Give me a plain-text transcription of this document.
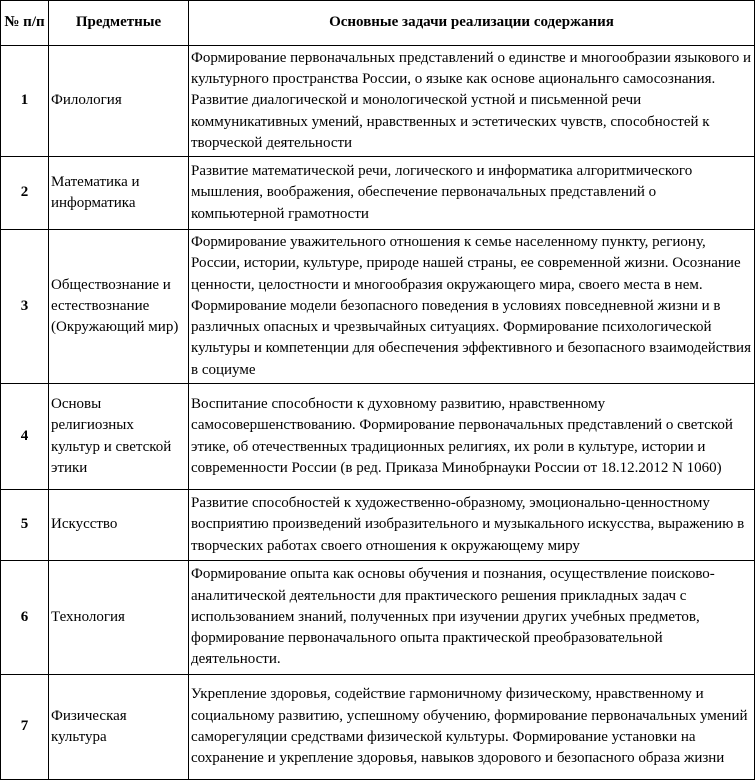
№ п/п	Предметные	Основные задачи реализации содержания
1	Филология	Формирование первоначальных представлений о единстве и многообразии языкового и культурного пространства России, о языке как основе ациональнго самосознания. Развитие диалогической и монологической устной и письменной речи коммуникативных умений, нравственных и эстетических чувств, способностей к творческой деятельности
2	Математика и информатика	Развитие математической речи, логического и информатика алгоритмического мышления, воображения, обеспечение первоначальных представлений о компьютерной грамотности
3	Обществознание и естествознание (Окружающий мир)	Формирование уважительного отношения к семье населенному пункту, региону, России, истории, культуре, природе нашей страны, ее современной жизни. Осознание ценности, целостности и многообразия окружающего мира, своего места в нем. Формирование модели безопасного поведения в условиях повседневной жизни и в различных опасных и чрезвычайных ситуациях. Формирование психологической культуры и компетенции для обеспечения эффективного и безопасного взаимодействия в социуме
4	Основы религиозных культур и светской этики	Воспитание способности к духовному развитию, нравственному самосовершенствованию. Формирование первоначальных представлений о светской этике, об отечественных традиционных религиях, их роли в культуре, истории и современности России (в ред. Приказа Минобрнауки России от 18.12.2012 N 1060)
5	Искусство	Развитие способностей к художественно-образному, эмоционально-ценностному восприятию произведений изобразительного и музыкального искусства, выражению в творческих работах своего отношения к окружающему миру
6	Технология	Формирование опыта как основы обучения и познания, осуществление поисково-аналитической деятельности для практического решения прикладных задач с использованием знаний, полученных при изучении других учебных предметов, формирование первоначального опыта практической преобразовательной деятельности.
7	Физическая культура	Укрепление здоровья, содействие гармоничному физическому, нравственному и социальному развитию, успешному обучению, формирование первоначальных умений саморегуляции средствами физической культуры. Формирование установки на сохранение и укрепление здоровья, навыков здорового и безопасного образа жизни
